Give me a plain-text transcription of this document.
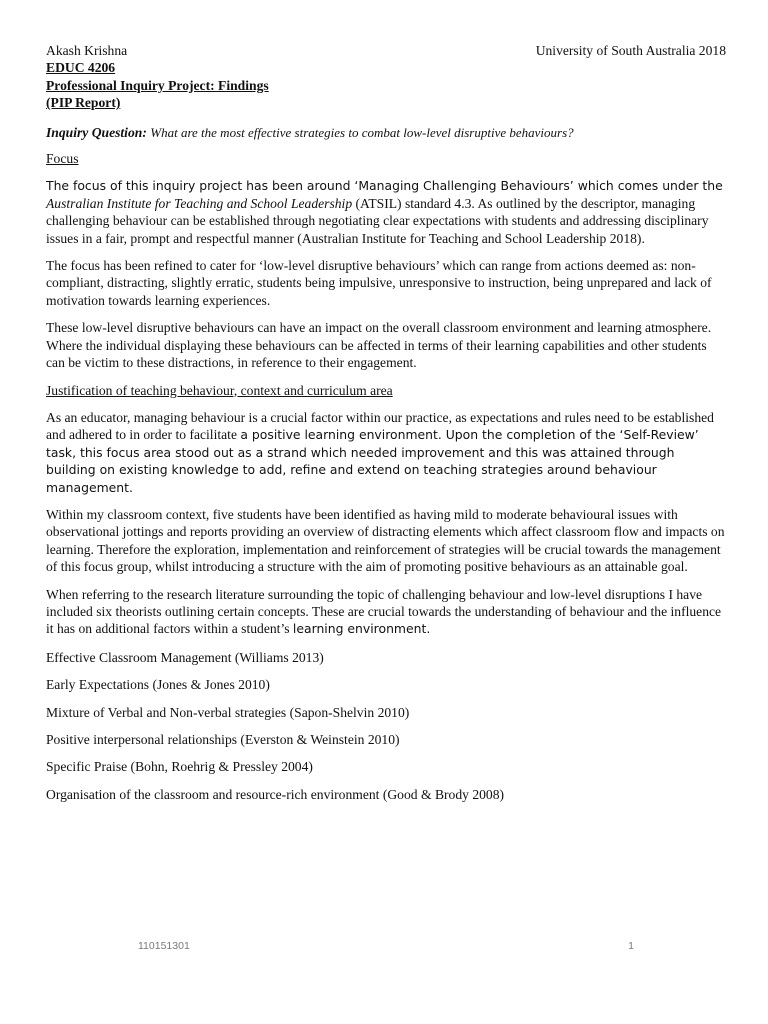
Akash Krishna	University of South Australia 2018
EDUC 4206
Professional Inquiry Project: Findings
(PIP Report)
Inquiry Question: What are the most effective strategies to combat low-level disruptive behaviours?
Focus

The focus of this inquiry project has been around ‘Managing Challenging Behaviours’ which comes under the Australian Institute for Teaching and School Leadership (ATSIL) standard 4.3. As outlined by the descriptor, managing challenging behaviour can be established through negotiating clear expectations with students and addressing disciplinary issues in a fair, prompt and respectful manner (Australian Institute for Teaching and School Leadership 2018).

The focus has been refined to cater for ‘low-level disruptive behaviours’ which can range from actions deemed as: non-compliant, distracting, slightly erratic, students being impulsive, unresponsive to instruction, being unprepared and lack of motivation towards learning experiences.

These low-level disruptive behaviours can have an impact on the overall classroom environment and learning atmosphere. Where the individual displaying these behaviours can be affected in terms of their learning capabilities and other students can be victim to these distractions, in reference to their engagement.

Justification of teaching behaviour, context and curriculum area

As an educator, managing behaviour is a crucial factor within our practice, as expectations and rules need to be established and adhered to in order to facilitate a positive learning environment. Upon the completion of the ‘Self-Review’ task, this focus area stood out as a strand which needed improvement and this was attained through building on existing knowledge to add, refine and extend on teaching strategies around behaviour management.

Within my classroom context, five students have been identified as having mild to moderate behavioural issues with observational jottings and reports providing an overview of distracting elements which affect classroom flow and impacts on learning. Therefore the exploration, implementation and reinforcement of strategies will be crucial towards the management of this focus group, whilst introducing a structure with the aim of promoting positive behaviours as an attainable goal.

When referring to the research literature surrounding the topic of challenging behaviour and low-level disruptions I have included six theorists outlining certain concepts. These are crucial towards the understanding of behaviour and the influence it has on additional factors within a student’s learning environment.

Effective Classroom Management (Williams 2013)

Early Expectations (Jones & Jones 2010)

Mixture of Verbal and Non-verbal strategies (Sapon-Shelvin 2010)

Positive interpersonal relationships (Everston & Weinstein 2010)

Specific Praise (Bohn, Roehrig & Pressley 2004)

Organisation of the classroom and resource-rich environment (Good & Brody 2008)

110151301	1
